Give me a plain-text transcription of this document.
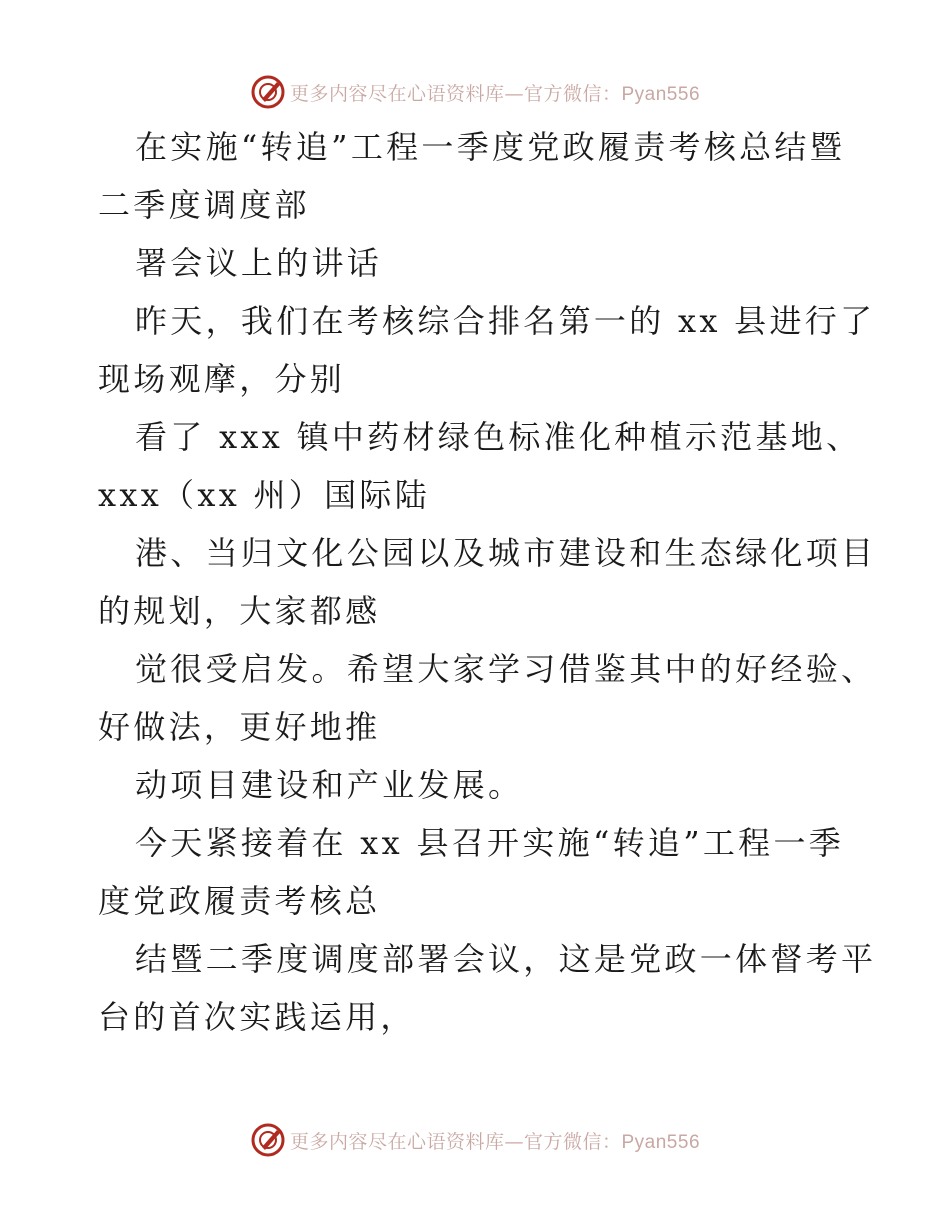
更多内容尽在心语资料库—官方微信：Pyan556
在实施“转追”工程一季度党政履责考核总结暨
二季度调度部
署会议上的讲话
昨天，我们在考核综合排名第一的 xx 县进行了
现场观摩，分别
看了 xxx 镇中药材绿色标准化种植示范基地、
xxx（xx 州）国际陆
港、当归文化公园以及城市建设和生态绿化项目
的规划，大家都感
觉很受启发。希望大家学习借鉴其中的好经验、
好做法，更好地推
动项目建设和产业发展。
今天紧接着在 xx 县召开实施“转追”工程一季
度党政履责考核总
结暨二季度调度部署会议，这是党政一体督考平
台的首次实践运用，
更多内容尽在心语资料库—官方微信：Pyan556
